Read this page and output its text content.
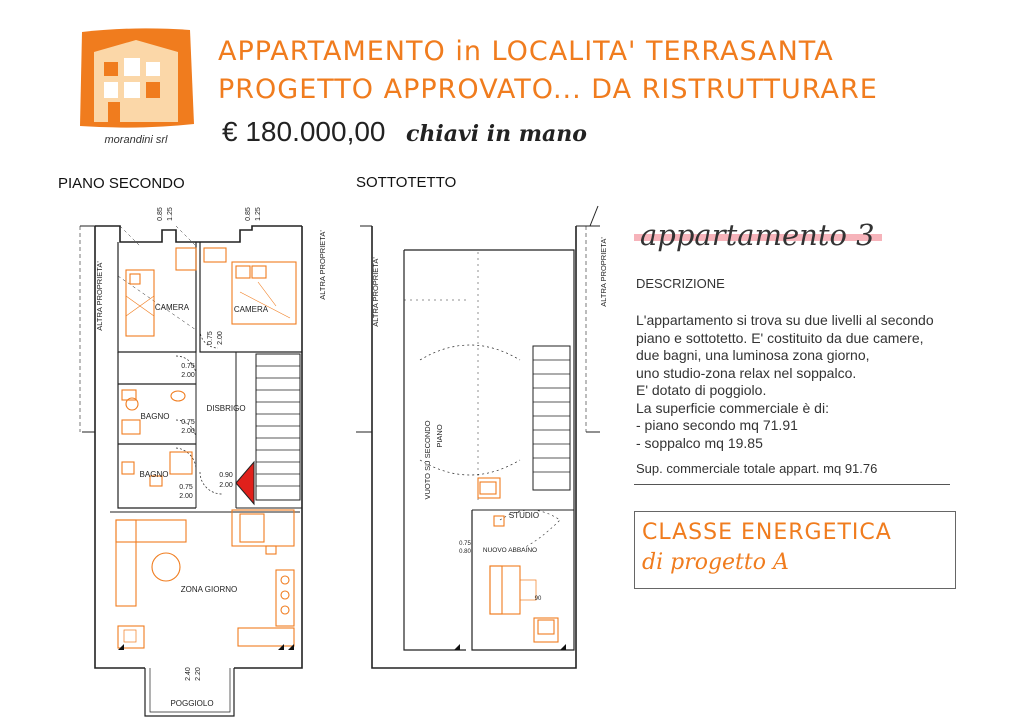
morandini srl
APPARTAMENTO in LOCALITA' TERRASANTA
PROGETTO APPROVATO... DA RISTRUTTURARE
€ 180.000,00 chiavi in mano
PIANO SECONDO	SOTTOTETTO
CAMERA	CAMERA
BAGNO
BAGNO
DISBRIGO
ZONA GIORNO
POGGIOLO
STUDIO
NUOVO ABBAINO
90
ALTRA PROPRIETA'	ALTRA PROPRIETA'	ALTRA PROPRIETA'	ALTRA PROPRIETA'
VUOTO SU SECONDO PIANO
0.85 1.25	0.85 1.25
0.75 2.00
0.90
2.00
0.75
2.00
0.75
2.00
0.75
2.00
2.40 2.20
0.75
0.80
appartamento 3
DESCRIZIONE
L'appartamento si trova su due livelli al secondo
piano e sottotetto. E' costituito da due camere,
due bagni, una luminosa zona giorno,
uno studio-zona relax nel soppalco.
E' dotato di poggiolo.
La superficie commerciale è di:
- piano secondo mq 71.91
- soppalco mq 19.85
Sup. commerciale totale appart. mq 91.76
CLASSE ENERGETICA
di progetto A
